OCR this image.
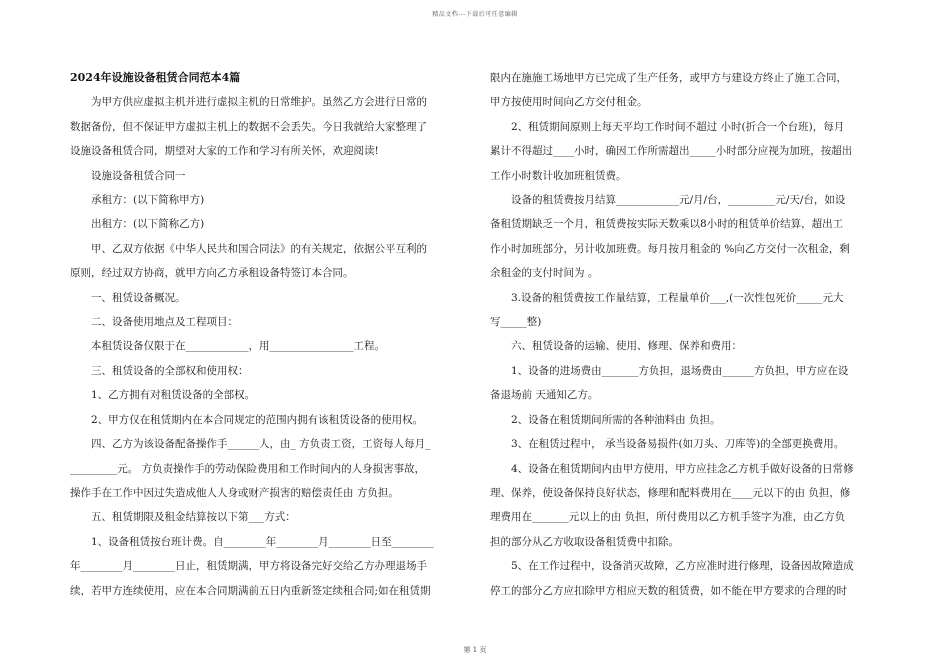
精品文档---下载后可任意编辑

2024年设施设备租赁合同范本4篇

为甲方供应虚拟主机并进行虚拟主机的日常维护。虽然乙方会进行日常的

数据备份，但不保证甲方虚拟主机上的数据不会丢失。今日我就给大家整理了

设施设备租赁合同，期望对大家的工作和学习有所关怀，欢迎阅读!

设施设备租赁合同一

承租方：(以下简称甲方)

出租方：(以下简称乙方)

甲、乙双方依据《中华人民共和国合同法》的有关规定，依据公平互利的

原则，经过双方协商，就甲方向乙方承租设备特签订本合同。

一、租赁设备概况。

二、设备使用地点及工程项目：

本租赁设备仅限于在____________，用________________工程。

三、租赁设备的全部权和使用权：

1、乙方拥有对租赁设备的全部权。

2、甲方仅在租赁期内在本合同规定的范围内拥有该租赁设备的使用权。

四、乙方为该设备配备操作手______人，由_ 方负责工资，工资每人每月_

_________元。 方负责操作手的劳动保险费用和工作时间内的人身损害事故，

操作手在工作中因过失造成他人人身或财产损害的赔偿责任由 方负担。

五、租赁期限及租金结算按以下第___方式：

1、设备租赁按台班计费。自________年________月________日至________

年________月________日止，租赁期满，甲方将设备完好交给乙方办理退场手

续，若甲方连续使用，应在本合同期满前五日内重新签定续租合同;如在租赁期

限内在施施工场地甲方已完成了生产任务，或甲方与建设方终止了施工合同，

甲方按使用时间向乙方交付租金。

2、租赁期间原则上每天平均工作时间不超过 小时(折合一个台班)，每月

累计不得超过____小时，确因工作所需超出_____小时部分应视为加班，按超出

工作小时数计收加班租赁费。

设备的租赁费按月结算____________元/月/台，_________元/天/台，如设

备租赁期缺乏一个月，租赁费按实际天数乘以8小时的租赁单价结算，超出工

作小时加班部分，另计收加班费。每月按月租金的 %向乙方交付一次租金，剩

余租金的支付时间为 。

3.设备的租赁费按工作量结算，工程量单价___,(一次性包死价_____元大

写_____整)

六、租赁设备的运输、使用、修理、保养和费用：

1、设备的进场费由_______方负担，退场费由______方负担，甲方应在设

备退场前 天通知乙方。

2、设备在租赁期间所需的各种油料由 负担。

3、在租赁过程中， 承当设备易损件(如刀头、刀库等)的全部更换费用。

4、设备在租赁期间内由甲方使用，甲方应挂念乙方机手做好设备的日常修

理、保养，使设备保持良好状态，修理和配料费用在____元以下的由 负担，修

理费用在_______元以上的由 负担，所付费用以乙方机手签字为准，由乙方负

担的部分从乙方收取设备租赁费中扣除。

5、在工作过程中，设备消灭故障，乙方应准时进行修理，设备因故障造成

停工的部分乙方应扣除甲方相应天数的租赁费，如不能在甲方要求的合理的时

第 1 页
